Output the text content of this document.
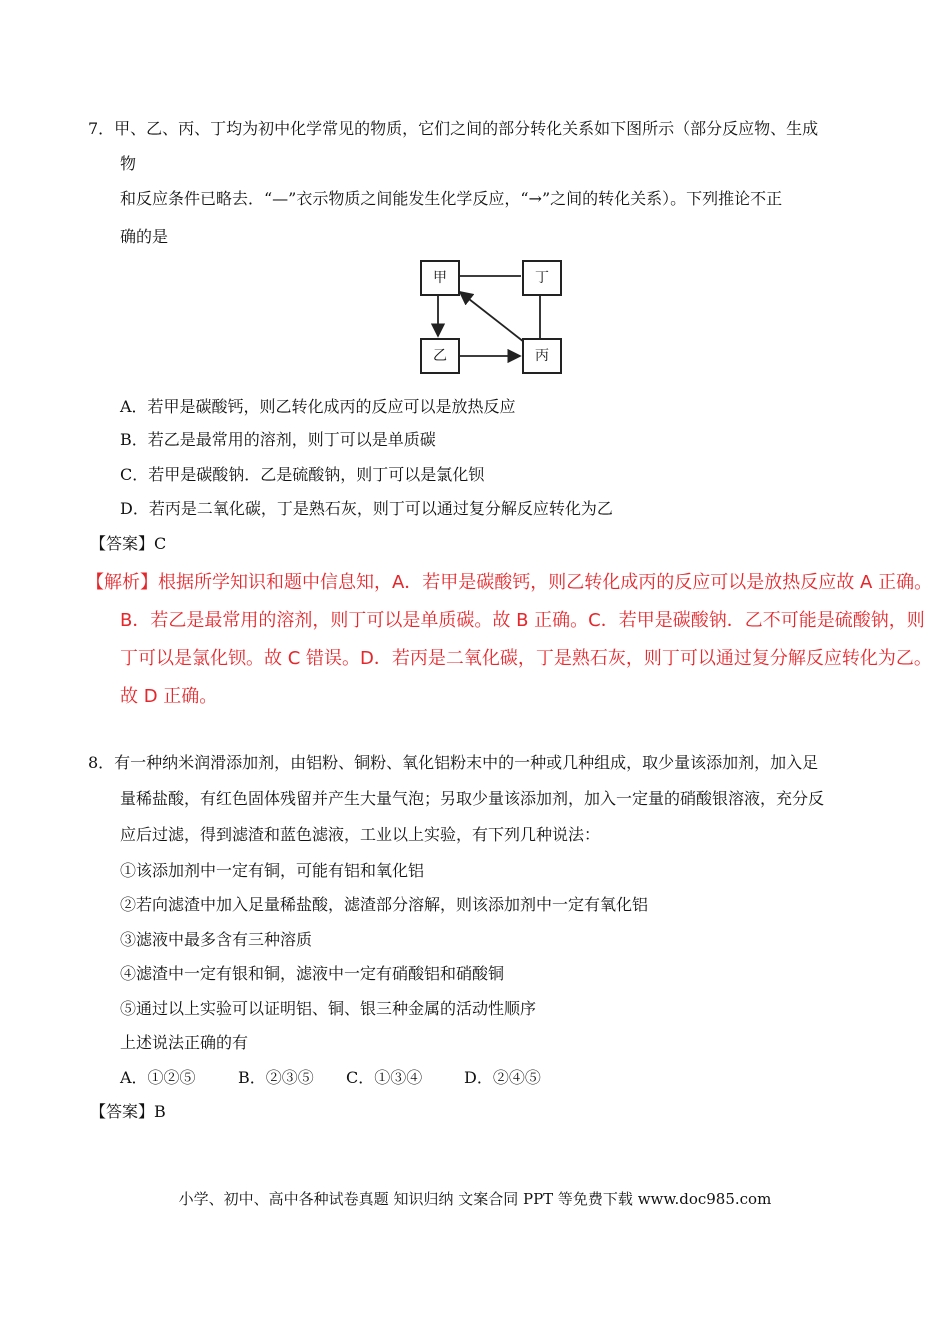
7．甲、乙、丙、丁均为初中化学常见的物质，它们之间的部分转化关系如下图所示（部分反应物、生成
物
和反应条件已略去．“—”衣示物质之间能发生化学反应，“→”之间的转化关系）。下列推论不正
确的是
甲	丁
乙	丙
A．若甲是碳酸钙，则乙转化成丙的反应可以是放热反应
B．若乙是最常用的溶剂，则丁可以是单质碳
C．若甲是碳酸钠．乙是硫酸钠，则丁可以是氯化钡
D．若丙是二氧化碳，丁是熟石灰，则丁可以通过复分解反应转化为乙
【答案】C
【解析】根据所学知识和题中信息知，A．若甲是碳酸钙，则乙转化成丙的反应可以是放热反应故 A 正确。
B．若乙是最常用的溶剂，则丁可以是单质碳。故 B 正确。C．若甲是碳酸钠．乙不可能是硫酸钠，则
丁可以是氯化钡。故 C 错误。D．若丙是二氧化碳，丁是熟石灰，则丁可以通过复分解反应转化为乙。
故 D 正确。
8．有一种纳米润滑添加剂，由铝粉、铜粉、氧化铝粉末中的一种或几种组成，取少量该添加剂，加入足
量稀盐酸，有红色固体残留并产生大量气泡；另取少量该添加剂，加入一定量的硝酸银溶液，充分反
应后过滤，得到滤渣和蓝色滤液，工业以上实验，有下列几种说法：
①该添加剂中一定有铜，可能有铝和氧化铝
②若向滤渣中加入足量稀盐酸，滤渣部分溶解，则该添加剂中一定有氧化铝
③滤液中最多含有三种溶质
④滤渣中一定有银和铜，滤液中一定有硝酸铝和硝酸铜
⑤通过以上实验可以证明铝、铜、银三种金属的活动性顺序
上述说法正确的有
A．①②⑤	B．②③⑤ C．①③④	D．②④⑤
【答案】B
小学、初中、高中各种试卷真题 知识归纳 文案合同 PPT 等免费下载 www.doc985.com
